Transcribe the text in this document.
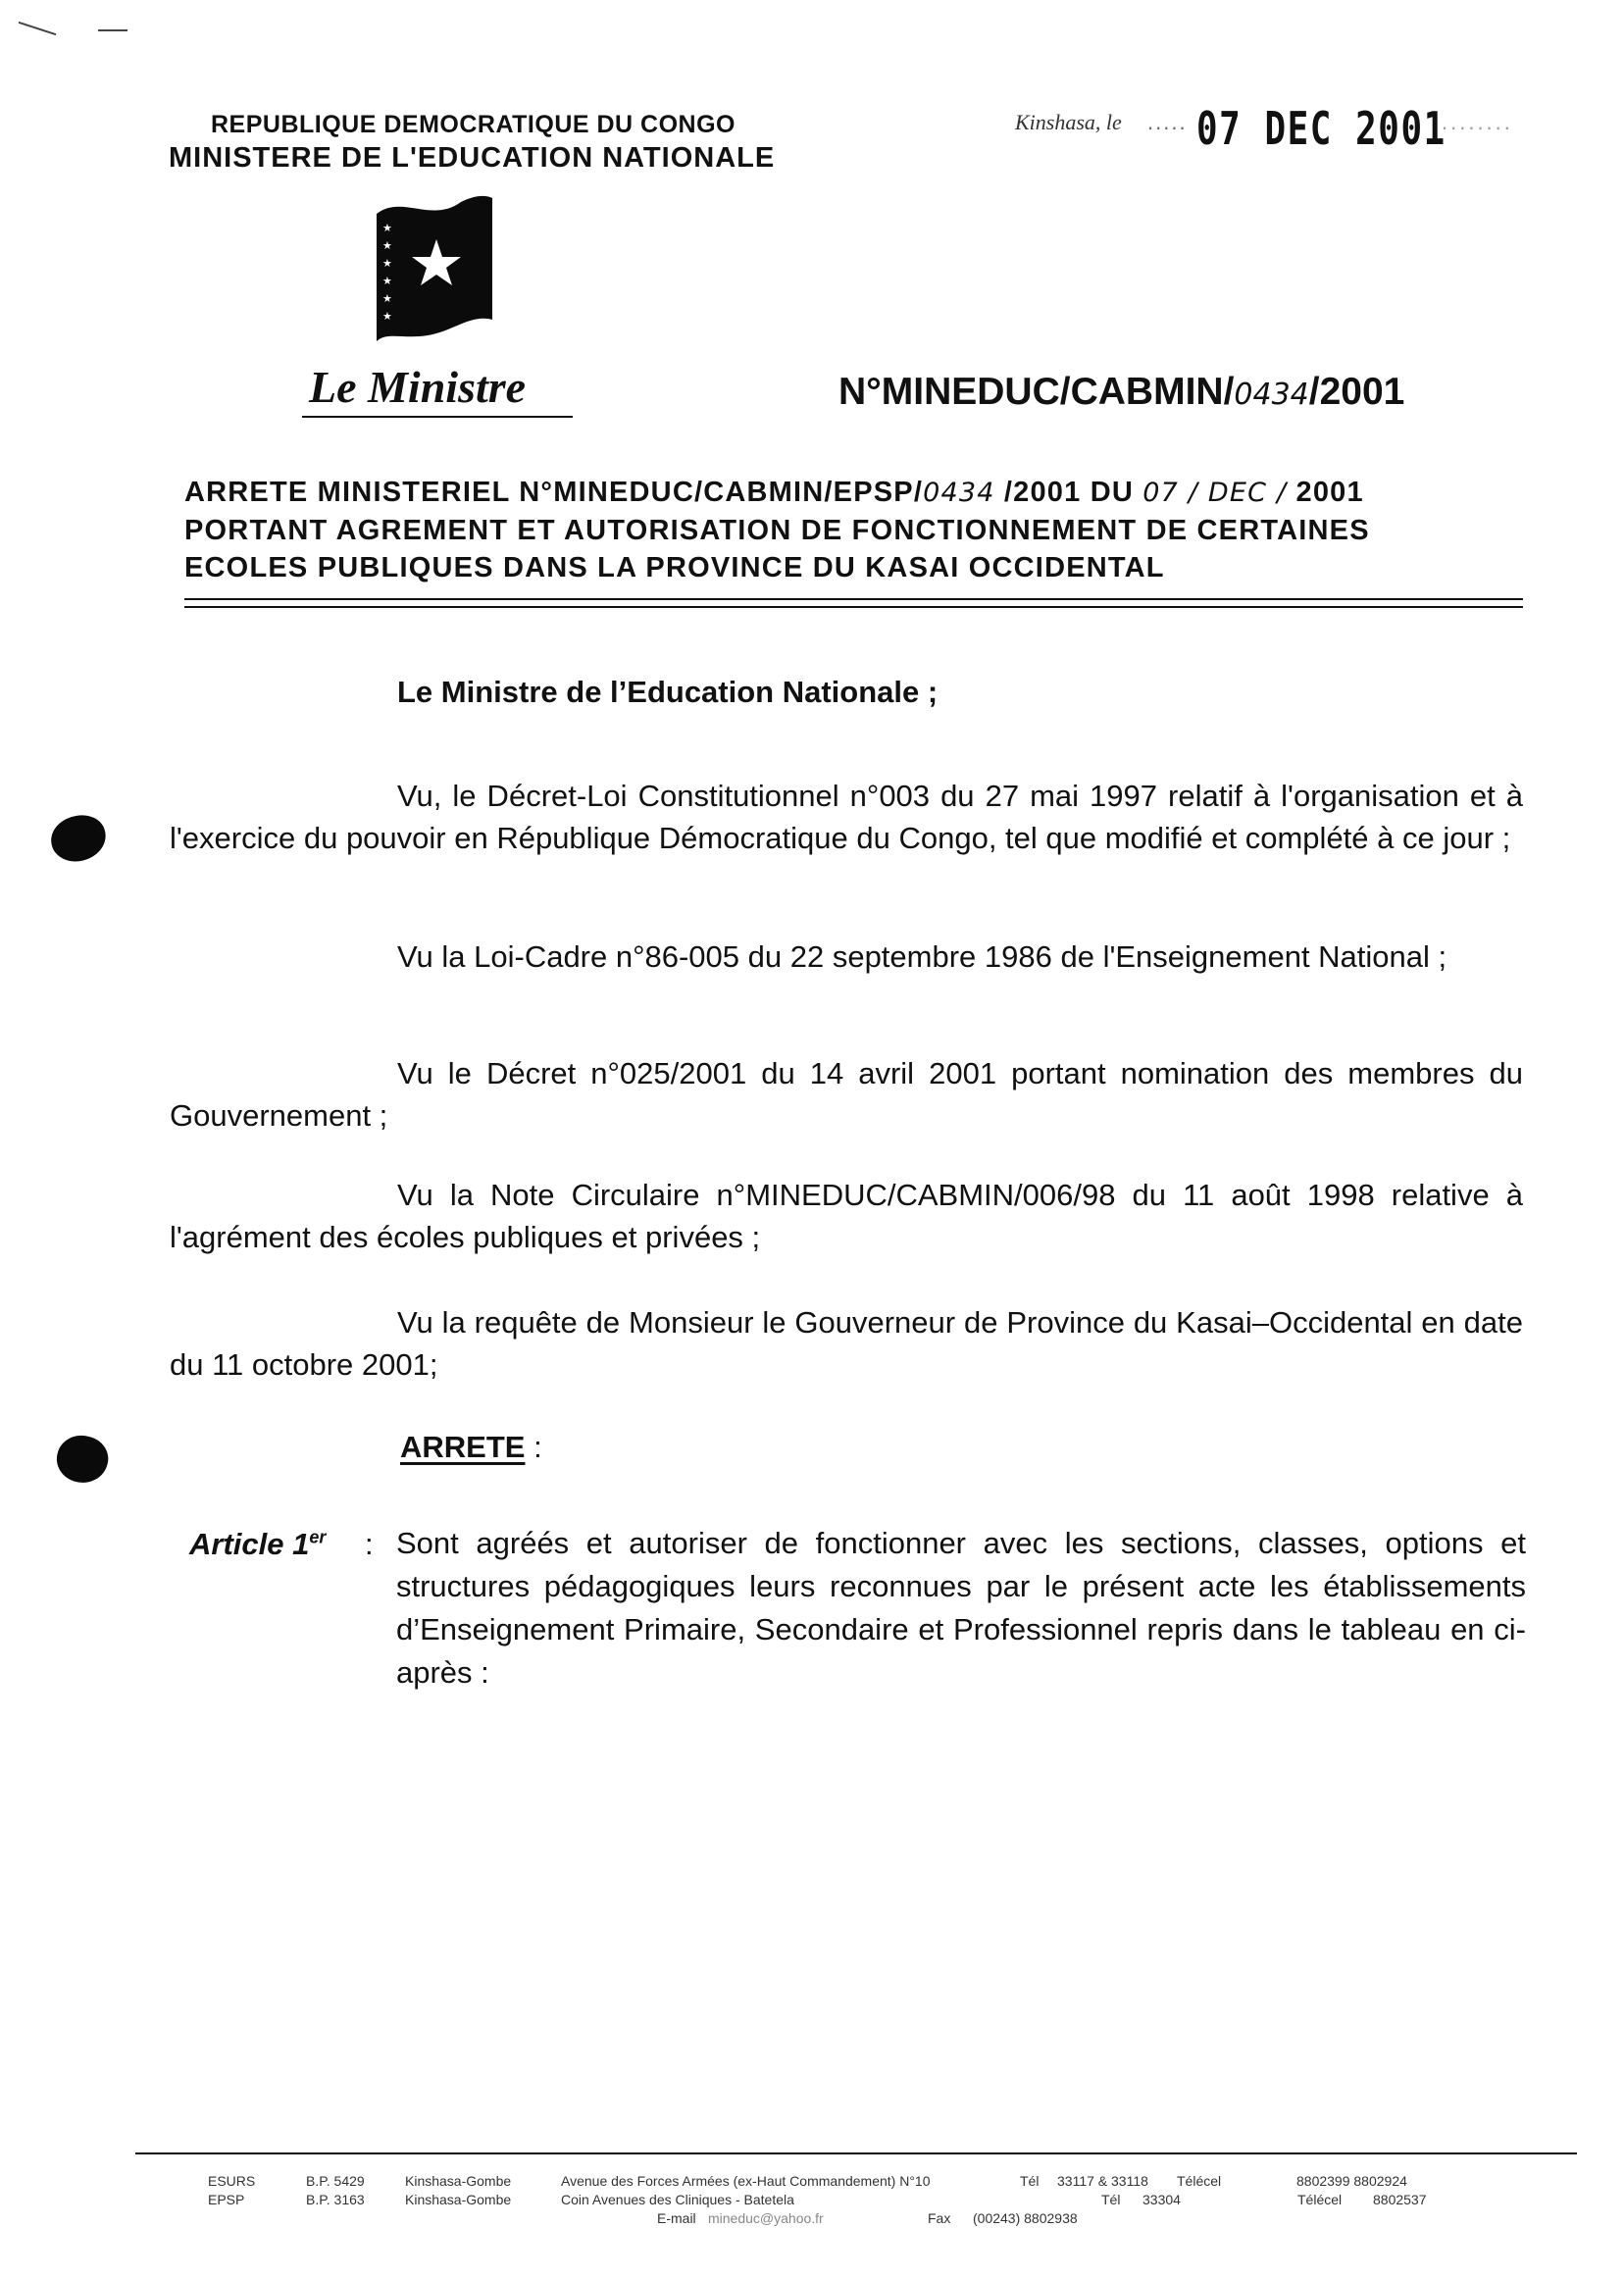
REPUBLIQUE DEMOCRATIQUE DU CONGO
MINISTERE DE L'EDUCATION NATIONALE
Kinshasa, le ..... 07 DEC 2001
........
★
★
★
★
★
★
Le Ministre	N°MINEDUC/CABMIN/0434/2001
ARRETE MINISTERIEL N°MINEDUC/CABMIN/EPSP/0434 /2001 DU 07 / DEC / 2001
PORTANT AGREMENT ET AUTORISATION DE FONCTIONNEMENT DE CERTAINES
ECOLES PUBLIQUES DANS LA PROVINCE DU KASAI OCCIDENTAL
Le Ministre de l’Education Nationale ;
Vu, le Décret-Loi Constitutionnel n°003 du 27 mai 1997 relatif à l'organisation et à l'exercice du pouvoir en République Démocratique du Congo, tel que modifié et complété à ce jour ;
Vu la Loi-Cadre n°86-005 du 22 septembre 1986 de l'Enseignement National ;
Vu le Décret n°025/2001 du 14 avril 2001 portant nomination des membres du Gouvernement ;
Vu la Note Circulaire n°MINEDUC/CABMIN/006/98 du 11 août 1998 relative à l'agrément des écoles publiques et privées ;
Vu la requête de Monsieur le Gouverneur de Province du Kasai–Occidental en date du 11 octobre 2001;
ARRETE :
Article 1er : Sont agréés et autoriser de fonctionner avec les sections, classes, options et structures pédagogiques leurs reconnues par le présent acte les établissements d’Enseignement Primaire, Secondaire et Professionnel repris dans le tableau en ci-après :
ESURS	B.P. 5429	Kinshasa-Gombe	Avenue des Forces Armées (ex-Haut Commandement) N°10	Tél 33117 & 33118 Télécel	8802399 8802924
EPSP	B.P. 3163	Kinshasa-Gombe	Coin Avenues des Cliniques - Batetela	Tél 33304	Télécel 8802537
E-mail mineduc@yahoo.fr	Fax (00243) 8802938
